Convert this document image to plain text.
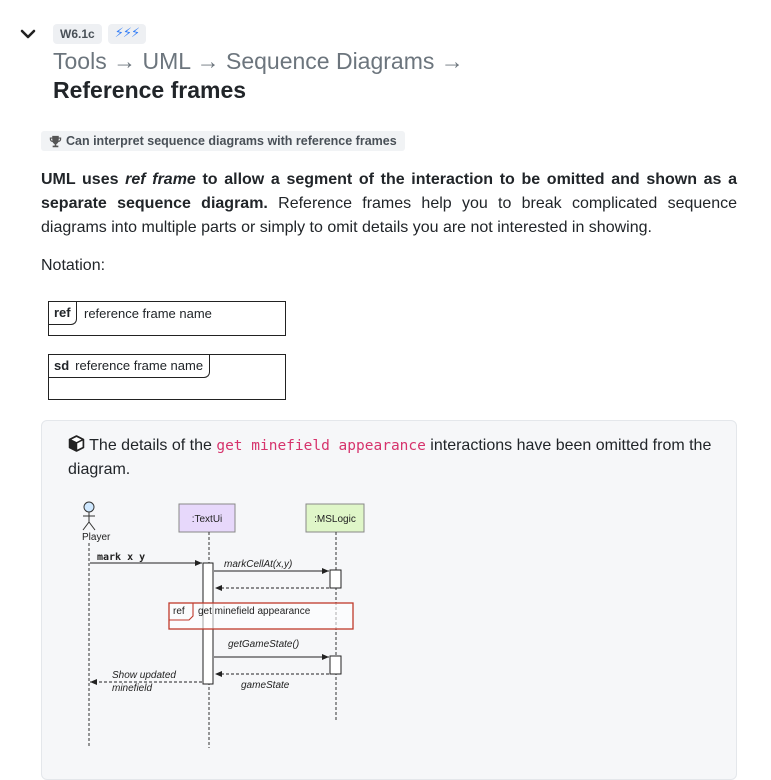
W6.1c	⚡⚡⚡
Tools → UML → Sequence Diagrams → Reference frames
Can interpret sequence diagrams with reference frames

UML uses ref frame to allow a segment of the interaction to be omitted and shown as a separate sequence diagram. Reference frames help you to break complicated sequence diagrams into multiple parts or simply to omit details you are not interested in showing.

Notation:

ref	reference frame name
sd reference frame name

The details of the get minefield appearance interactions have been omitted from the diagram.

Player
:TextUi	:MSLogic
mark x y
markCellAt(x,y)
ref get minefield appearance
getGameState()
gameState
Show updated
minefield
